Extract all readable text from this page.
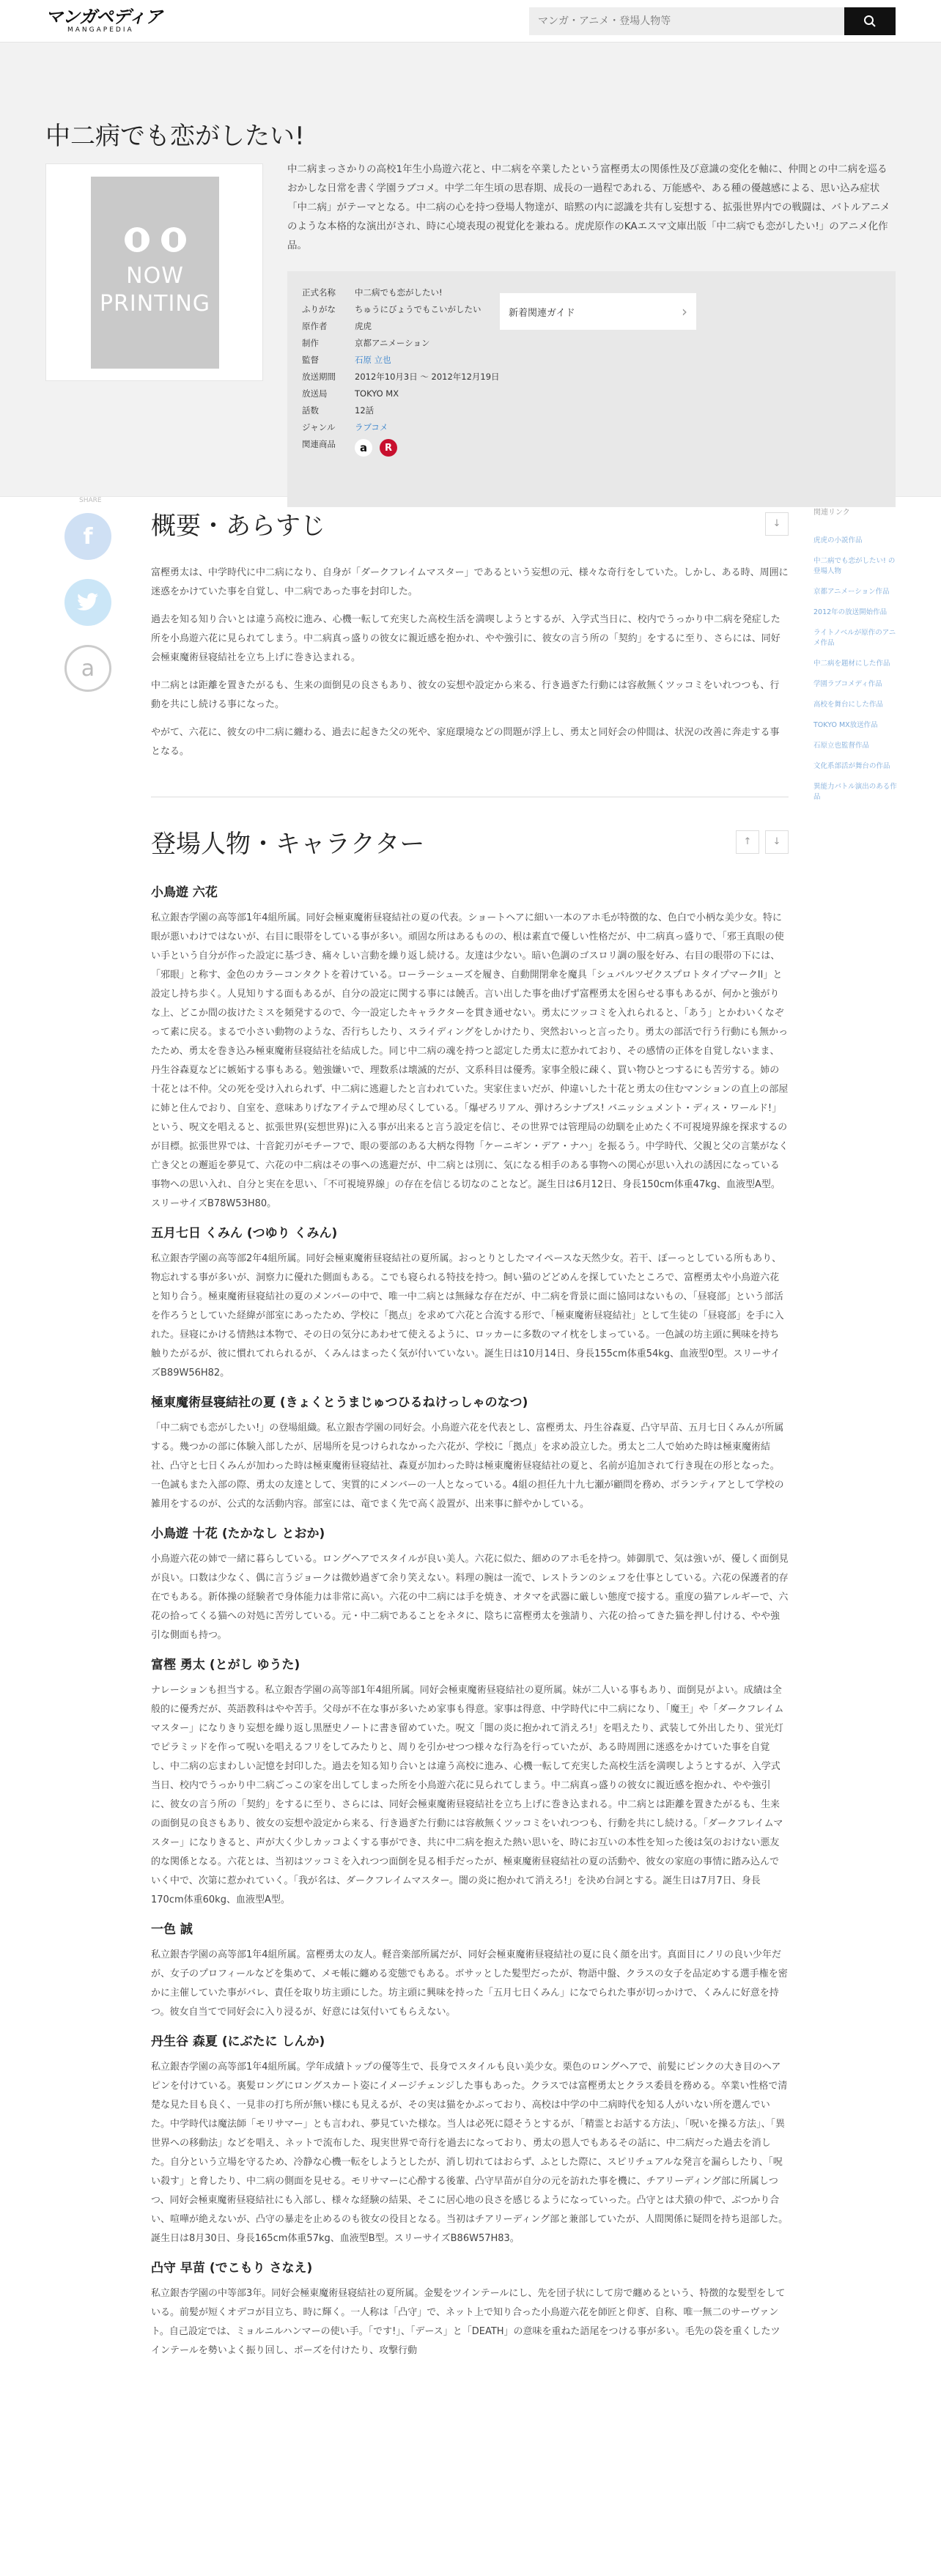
マンガペディア
MANGAPEDIA
マンガ・アニメ・登場人物等
中二病でも恋がしたい!
NOW
PRINTING

中二病まっさかりの高校1年生小鳥遊六花と、中二病を卒業したという富樫勇太の関係性及び意識の変化を軸に、仲間との中二病を巡るおかしな日常を書く学園ラブコメ。中学二年生頃の思春期、成長の一過程であれる、万能感や、ある種の優越感による、思い込み症状「中二病」がテーマとなる。中二病の心を持つ登場人物達が、暗黙の内に認識を共有し妄想する、拡張世界内での戦闘は、バトルアニメのような本格的な演出がされ、時に心境表現の視覚化を兼ねる。虎虎原作のKAエスマ文庫出版「中二病でも恋がしたい!」のアニメ化作品。

正式名称	中二病でも恋がしたい!
ふりがな	ちゅうにびょうでもこいがしたい
原作者	虎虎
制作	京都アニメーション
監督	石原 立也
放送期間	2012年10月3日 〜 2012年12月19日
放送局	TOKYO MX
話数	12話
ジャンル	ラブコメ
関連商品	a R
新着関連ガイド	›
SHARE
f
a
関連リンク
虎虎の小説作品
中二病でも恋がしたい! の登場人物
京都アニメーション作品
2012年の放送開始作品
ライトノベルが原作のアニメ作品
中二病を題材にした作品
学園ラブコメディ作品
高校を舞台にした作品
TOKYO MX放送作品
石原立也監督作品
文化系部活が舞台の作品
異能力バトル演出のある作品
概要・あらすじ	↓

富樫勇太は、中学時代に中二病になり、自身が「ダークフレイムマスター」であるという妄想の元、様々な奇行をしていた。しかし、ある時、周囲に迷惑をかけていた事を自覚し、中二病であった事を封印した。

過去を知る知り合いとは違う高校に進み、心機一転して充実した高校生活を満喫しようとするが、入学式当日に、校内でうっかり中二病を発症した所を小鳥遊六花に見られてしまう。中二病真っ盛りの彼女に親近感を抱かれ、やや強引に、彼女の言う所の「契約」をするに至り、さらには、同好会極東魔術昼寝結社を立ち上げに巻き込まれる。

中二病とは距離を置きたがるも、生来の面倒見の良さもあり、彼女の妄想や設定から来る、行き過ぎた行動には容赦無くツッコミをいれつつも、行動を共にし続ける事になった。

やがて、六花に、彼女の中二病に纏わる、過去に起きた父の死や、家庭環境などの問題が浮上し、勇太と同好会の仲間は、状況の改善に奔走する事となる。

登場人物・キャラクター	↑ ↓
小鳥遊 六花

私立銀杏学園の高等部1年4組所属。同好会極東魔術昼寝結社の夏の代表。ショートヘアに細い一本のアホ毛が特徴的な、色白で小柄な美少女。特に眼が悪いわけではないが、右目に眼帯をしている事が多い。頑固な所はあるものの、根は素直で優しい性格だが、中二病真っ盛りで、「邪王真眼の使い手という自分が作った設定に基づき、痛々しい言動を繰り返し続ける。友達は少ない。暗い色調のゴスロリ調の服を好み、右目の眼帯の下には、「邪眼」と称す、金色のカラーコンタクトを着けている。ローラーシューズを履き、自動開閉傘を魔具「シュバルツゼクスプロトタイプマークII」と設定し持ち歩く。人見知りする面もあるが、自分の設定に関する事には饒舌。言い出した事を曲げず富樫勇太を困らせる事もあるが、何かと強がりな上、どこか間の抜けたミスを頻発するので、今一設定したキャラクターを貫き通せない。勇太にツッコミを入れられると、「あう」とかわいくなぞって素に戻る。まるで小さい動物のような、否行ちしたり、スライディングをしかけたり、突然おいっと言ったり。勇太の部活で行う行動にも無かったため、勇太を巻き込み極東魔術昼寝結社を結成した。同じ中二病の魂を持つと認定した勇太に惹かれており、その感情の正体を自覚しないまま、丹生谷森夏などに嫉妬する事もある。勉強嫌いで、理数系は壊滅的だが、文系科目は優秀。家事全般に疎く、買い物ひとつするにも苦労する。姉の十花とは不仲。父の死を受け入れられず、中二病に逃避したと言われていた。実家住まいだが、仲違いした十花と勇太の住むマンションの直上の部屋に姉と住んでおり、自室を、意味ありげなアイテムで埋め尽くしている。「爆ぜろリアル、弾けろシナプス! バニッシュメント・ディス・ワールド!」という、呪文を唱えると、拡張世界(妄想世界)に入る事が出来ると言う設定を信じ、その世界では管理局の幼馴を止めたく不可視境界線を探求するのが目標。拡張世界では、十音鉈刃がモチーフで、眼の要部のある大柄な得物「ケーニギン・デア・ナハ」を振るう。中学時代、父親と父の言葉がなく亡き父との邂逅を夢見て、六花の中二病はその事への逃避だが、中二病とは別に、気になる相手のある事物への関心が思い入れの誘因になっている事物への思い入れ、自分と実在を思い、「不可視境界線」の存在を信じる切なのことなど。誕生日は6月12日、身長150cm体重47kg、血液型A型。スリーサイズB78W53H80。

五月七日 くみん (つゆり くみん)

私立銀杏学園の高等部2年4組所属。同好会極東魔術昼寝結社の夏所属。おっとりとしたマイペースな天然少女。若干、ぽーっとしている所もあり、物忘れする事が多いが、洞察力に優れた側面もある。こでも寝られる特技を持つ。飼い猫のどどめんを探していたところで、富樫勇太や小鳥遊六花と知り合う。極東魔術昼寝結社の夏のメンバーの中で、唯一中二病とは無縁な存在だが、中二病を背景に面に協同はないもの、「昼寝部」という部活を作ろうとしていた経緯が部室にあったため、学校に「拠点」を求めて六花と合流する形で、「極東魔術昼寝結社」として生徒の「昼寝部」を手に入れた。昼寝にかける情熱は本物で、その日の気分にあわせて使えるように、ロッカーに多数のマイ枕をしまっている。一色誠の坊主頭に興味を持ち触りたがるが、彼に慣れてれられるが、くみんはまったく気が付いていない。誕生日は10月14日、身長155cm体重54kg、血液型0型。スリーサイズB89W56H82。

極東魔術昼寝結社の夏 (きょくとうまじゅつひるねけっしゃのなつ)

「中二病でも恋がしたい!」の登場組織。私立銀杏学園の同好会。小鳥遊六花を代表とし、富樫勇太、丹生谷森夏、凸守早苗、五月七日くみんが所属する。幾つかの部に体験入部したが、居場所を見つけられなかった六花が、学校に「拠点」を求め設立した。勇太と二人で始めた時は極東魔術結社、凸守と七日くみんが加わった時は極東魔術昼寝結社、森夏が加わった時は極東魔術昼寝結社の夏と、名前が追加されて行き現在の形となった。一色誠もまた入部の際、勇太の友達として、実質的にメンバーの一人となっている。4組の担任九十九七瀬が顧問を務め、ボランティアとして学校の雑用をするのが、公式的な活動内容。部室には、竜でまく先で高く設置が、出来事に鮮やかしている。

小鳥遊 十花 (たかなし とおか)

小鳥遊六花の姉で一緒に暮らしている。ロングヘアでスタイルが良い美人。六花に似た、細めのアホ毛を持つ。姉御肌で、気は強いが、優しく面倒見が良い。口数は少なく、偶に言うジョークは微妙過ぎて余り笑えない。料理の腕は一流で、レストランのシェフを仕事としている。六花の保護者的存在でもある。新体操の経験者で身体能力は非常に高い。六花の中二病には手を焼き、オタマを武器に厳しい態度で接する。重度の猫アレルギーで、六花の拾ってくる猫への対処に苦労している。元・中二病であることをネタに、陰ちに富樫勇太を強請り、六花の拾ってきた猫を押し付ける、やや強引な側面も持つ。

富樫 勇太 (とがし ゆうた)

ナレーションも担当する。私立銀杏学園の高等部1年4組所属。同好会極東魔術昼寝結社の夏所属。妹が二人いる事もあり、面倒見がよい。成績は全般的に優秀だが、英語教科はやや苦手。父母が不在な事が多いため家事も得意。家事は得意、中学時代に中二病になり、「魔王」や「ダークフレイムマスター」になりきり妄想を繰り返し黒歴史ノートに書き留めていた。呪文「闇の炎に抱かれて消えろ!」を唱えたり、武装して外出したり、蛍光灯でピラミッドを作って呪いを唱えるフリをしてみたりと、周りを引かせつつ様々な行為を行っていたが、ある時周囲に迷惑をかけていた事を自覚し、中二病の忘まわしい記憶を封印した。過去を知る知り合いとは違う高校に進み、心機一転して充実した高校生活を満喫しようとするが、入学式当日、校内でうっかり中二病ごっこの家を出してしまった所を小鳥遊六花に見られてしまう。中二病真っ盛りの彼女に親近感を抱かれ、やや強引に、彼女の言う所の「契約」をするに至り、さらには、同好会極東魔術昼寝結社を立ち上げに巻き込まれる。中二病とは距離を置きたがるも、生来の面倒見の良さもあり、彼女の妄想や設定から来る、行き過ぎた行動には容赦無くツッコミをいれつつも、行動を共にし続ける。「ダークフレイムマスター」になりきると、声が大く少しカッコよくする事ができ、共に中二病を抱えた熱い思いを、時にお互いの本性を知った後は気のおけない悪友的な関係となる。六花とは、当初はツッコミを入れつつ面倒を見る相手だったが、極東魔術昼寝結社の夏の活動や、彼女の家庭の事情に踏み込んでいく中で、次第に惹かれていく。「我が名は、ダークフレイムマスター。闇の炎に抱かれて消えろ!」を決め台詞とする。誕生日は7月7日、身長170cm体重60kg、血液型A型。

一色 誠

私立銀杏学園の高等部1年4組所属。富樫勇太の友人。軽音楽部所属だが、同好会極東魔術昼寝結社の夏に良く顔を出す。真面目にノリの良い少年だが、女子のプロフィールなどを集めて、メモ帳に纏める変態でもある。ボサッとした髪型だったが、物語中盤、クラスの女子を品定めする選手権を密かに主催していた事がバレ、責任を取り坊主頭にした。坊主頭に興味を持った「五月七日くみん」になでられた事が切っかけで、くみんに好意を持つ。彼女自当てで同好会に入り浸るが、好意には気付いてもらえない。

丹生谷 森夏 (にぶたに しんか)

私立銀杏学園の高等部1年4組所属。学年成績トップの優等生で、長身でスタイルも良い美少女。栗色のロングヘアで、前髪にピンクの大き目のヘアピンを付けている。裏髪ロングにロングスカート姿にイメージチェンジした事もあった。クラスでは富樫勇太とクラス委員を務める。卒業い性格で清楚な見た目も良く、一見非の打ち所が無い様にも見えるが、その実は猫をかぶっており、高校は中学の中二病時代を知る人がいない所を選んでいた。中学時代は魔法師「モリサマー」とも言われ、夢見ていた様な。当人は必死に隠そうとするが、「精霊とお話する方法」、「呪いを操る方法」、「異世界への移動法」などを唱え、ネットで流布した、現実世界で奇行を過去になっており、勇太の恩人でもあるその話に、中二病だった過去を消した。自分という立場を守るため、冷静な心機一転をしようとしたが、消し切れてはおらず、ふとした際に、スピリチュアルな発言を漏らしたり、「呪い殺す」と脅したり、中二病の側面を見せる。モリサマーに心酔する後輩、凸守早苗が自分の元を訪れた事を機に、チアリーディング部に所属しつつ、同好会極東魔術昼寝結社にも入部し、様々な経験の結果、そこに居心地の良さを感じるようになっていった。凸守とは犬猿の仲で、ぶつかり合い、喧嘩が絶えないが、凸守の暴走を止めるのも彼女の役目となる。当初はチアリーディング部と兼部していたが、人間関係に疑問を持ち退部した。誕生日は8月30日、身長165cm体重57kg、血液型B型。スリーサイズB86W57H83。

凸守 早苗 (でこもり さなえ)

私立銀杏学園の中等部3年。同好会極東魔術昼寝結社の夏所属。金髪をツインテールにし、先を団子状にして房で纏めるという、特徴的な髪型をしている。前髪が短くオデコが目立ち、時に輝く。一人称は「凸守」で、ネット上で知り合った小鳥遊六花を師匠と仰ぎ、自称、唯一無二のサーヴァント。自己設定では、ミョルニルハンマーの使い手。「です!」、「デース」と「DEATH」の意味を重ねた語尾をつける事が多い。毛先の袋を重くしたツインテールを勢いよく振り回し、ポーズを付けたり、攻撃行動
